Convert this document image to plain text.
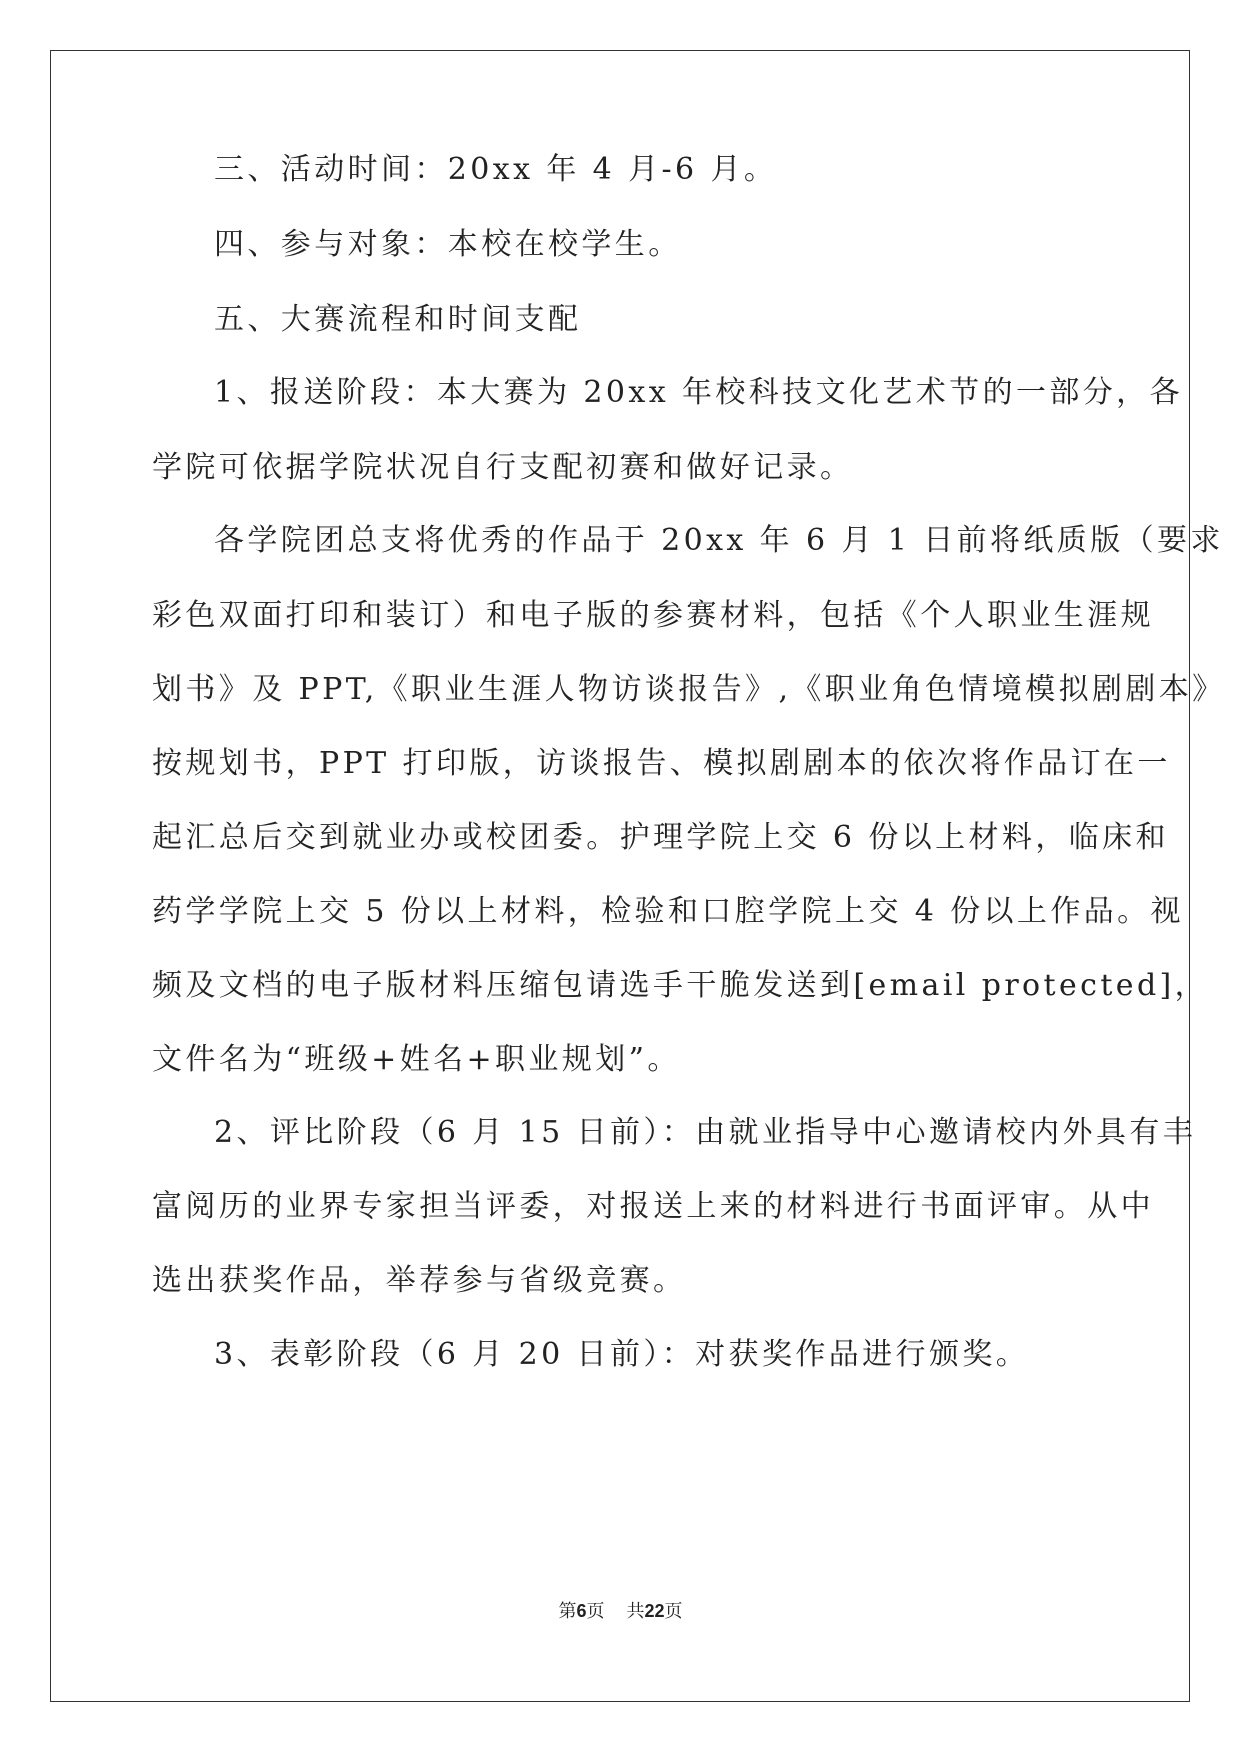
三、活动时间：20xx 年 4 月-6 月。
四、参与对象：本校在校学生。
五、大赛流程和时间支配
1、报送阶段：本大赛为 20xx 年校科技文化艺术节的一部分，各
学院可依据学院状况自行支配初赛和做好记录。
各学院团总支将优秀的作品于 20xx 年 6 月 1 日前将纸质版（要求
彩色双面打印和装订）和电子版的参赛材料，包括《个人职业生涯规
划书》及 PPT,《职业生涯人物访谈报告》,《职业角色情境模拟剧剧本》
按规划书，PPT 打印版，访谈报告、模拟剧剧本的依次将作品订在一
起汇总后交到就业办或校团委。护理学院上交 6 份以上材料，临床和
药学学院上交 5 份以上材料，检验和口腔学院上交 4 份以上作品。视
频及文档的电子版材料压缩包请选手干脆发送到[email protected]，
文件名为“班级+姓名+职业规划”。
2、评比阶段（6 月 15 日前）：由就业指导中心邀请校内外具有丰
富阅历的业界专家担当评委，对报送上来的材料进行书面评审。从中
选出获奖作品，举荐参与省级竞赛。
3、表彰阶段（6 月 20 日前）：对获奖作品进行颁奖。
第6页 共22页
